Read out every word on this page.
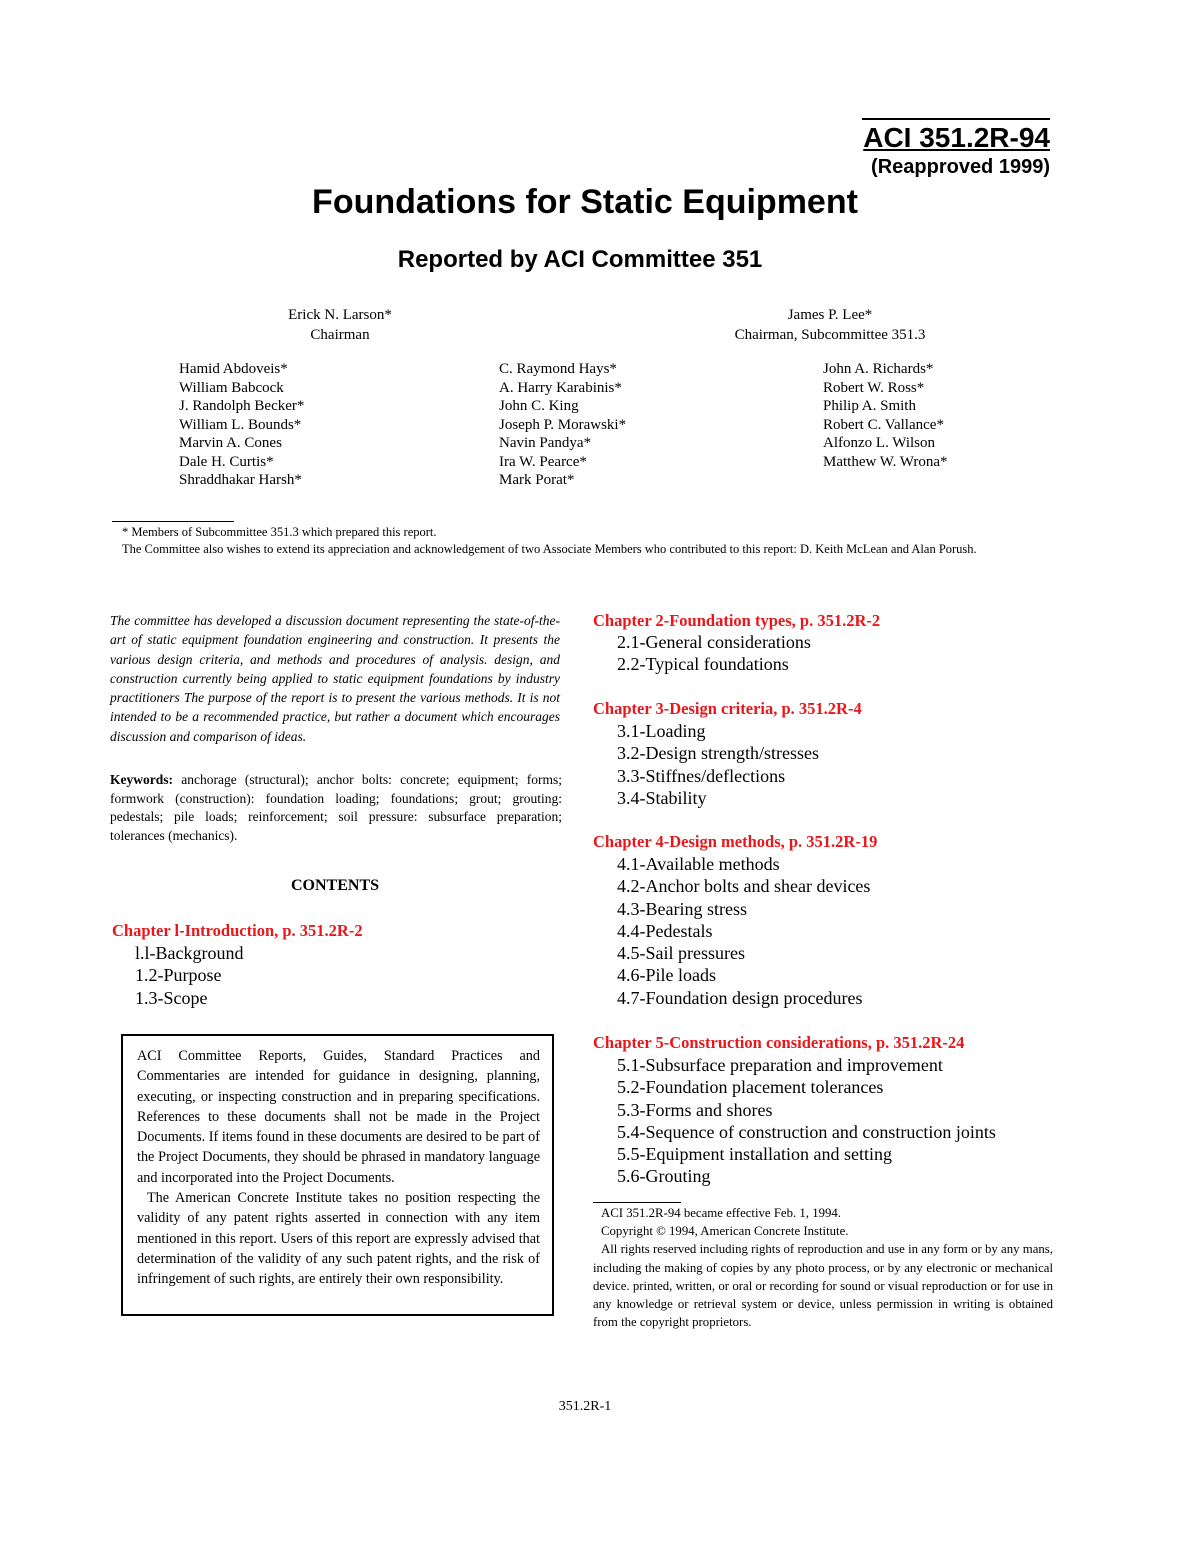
ACI 351.2R-94
(Reapproved 1999)
Foundations for Static Equipment
Reported by ACI Committee 351
Erick N. Larson*
Chairman
James P. Lee*
Chairman, Subcommittee 351.3
Hamid Abdoveis*
William Babcock
J. Randolph Becker*
William L. Bounds*
Marvin A. Cones
Dale H. Curtis*
Shraddhakar Harsh*
C. Raymond Hays*
A. Harry Karabinis*
John C. King
Joseph P. Morawski*
Navin Pandya*
Ira W. Pearce*
Mark Porat*
John A. Richards*
Robert W. Ross*
Philip A. Smith
Robert C. Vallance*
Alfonzo L. Wilson
Matthew W. Wrona*
* Members of Subcommittee 351.3 which prepared this report.
The Committee also wishes to extend its appreciation and acknowledgement of two Associate Members who contributed to this report: D. Keith McLean and Alan Porush.
The committee has developed a discussion document representing the state-of-the-art of static equipment foundation engineering and construction. It presents the various design criteria, and methods and procedures of analysis. design, and construction currently being applied to static equipment foundations by industry practitioners The purpose of the report is to present the various methods. It is not intended to be a recommended practice, but rather a document which encourages discussion and comparison of ideas.
Keywords: anchorage (structural); anchor bolts: concrete; equipment; forms; formwork (construction): foundation loading; foundations; grout; grouting: pedestals; pile loads; reinforcement; soil pressure: subsurface preparation; tolerances (mechanics).
CONTENTS
Chapter l-Introduction, p. 351.2R-2
l.l-Background
1.2-Purpose
1.3-Scope

ACI Committee Reports, Guides, Standard Practices and Commentaries are intended for guidance in designing, planning, executing, or inspecting construction and in preparing specifications. References to these documents shall not be made in the Project Documents. If items found in these documents are desired to be part of the Project Documents, they should be phrased in mandatory language and incorporated into the Project Documents.

The American Concrete Institute takes no position respecting the validity of any patent rights asserted in connection with any item mentioned in this report. Users of this report are expressly advised that determination of the validity of any such patent rights, and the risk of infringement of such rights, are entirely their own responsibility.

Chapter 2-Foundation types, p. 351.2R-2
2.1-General considerations
2.2-Typical foundations
Chapter 3-Design criteria, p. 351.2R-4
3.1-Loading
3.2-Design strength/stresses
3.3-Stiffnes/deflections
3.4-Stability
Chapter 4-Design methods, p. 351.2R-19
4.1-Available methods
4.2-Anchor bolts and shear devices
4.3-Bearing stress
4.4-Pedestals
4.5-Sail pressures
4.6-Pile loads
4.7-Foundation design procedures
Chapter 5-Construction considerations, p. 351.2R-24
5.1-Subsurface preparation and improvement
5.2-Foundation placement tolerances
5.3-Forms and shores
5.4-Sequence of construction and construction joints
5.5-Equipment installation and setting
5.6-Grouting

ACI 351.2R-94 became effective Feb. 1, 1994.

Copyright © 1994, American Concrete Institute.

All rights reserved including rights of reproduction and use in any form or by any mans, including the making of copies by any photo process, or by any electronic or mechanical device. printed, written, or oral or recording for sound or visual reproduction or for use in any knowledge or retrieval system or device, unless permission in writing is obtained from the copyright proprietors.

351.2R-1
